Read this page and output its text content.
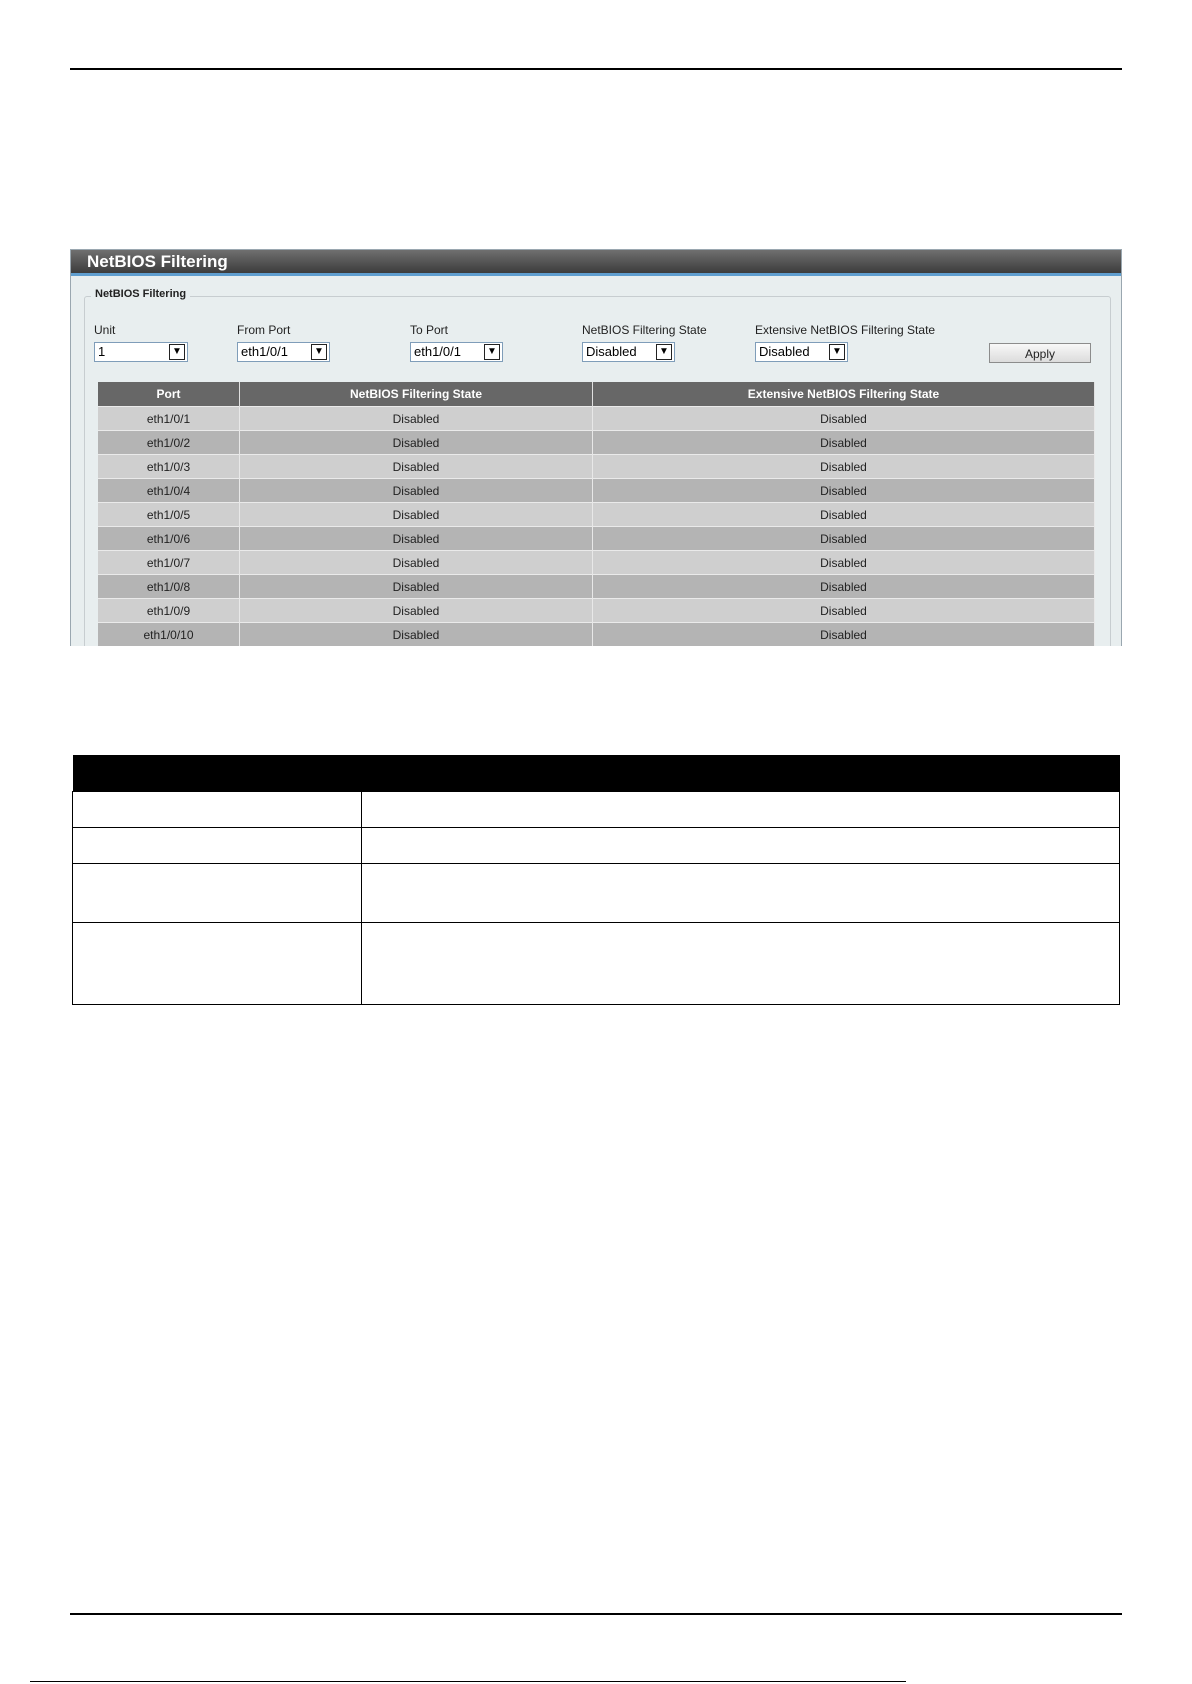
NetBIOS Filtering
NetBIOS Filtering
Unit	From Port	To Port	NetBIOS Filtering State	Extensive NetBIOS Filtering State
1	▼	eth1/0/1	▼	eth1/0/1	▼	Disabled	▼	Disabled	▼	Apply
Port	NetBIOS Filtering State	Extensive NetBIOS Filtering State
eth1/0/1	Disabled	Disabled
eth1/0/2	Disabled	Disabled
eth1/0/3	Disabled	Disabled
eth1/0/4	Disabled	Disabled
eth1/0/5	Disabled	Disabled
eth1/0/6	Disabled	Disabled
eth1/0/7	Disabled	Disabled
eth1/0/8	Disabled	Disabled
eth1/0/9	Disabled	Disabled
eth1/0/10	Disabled	Disabled
